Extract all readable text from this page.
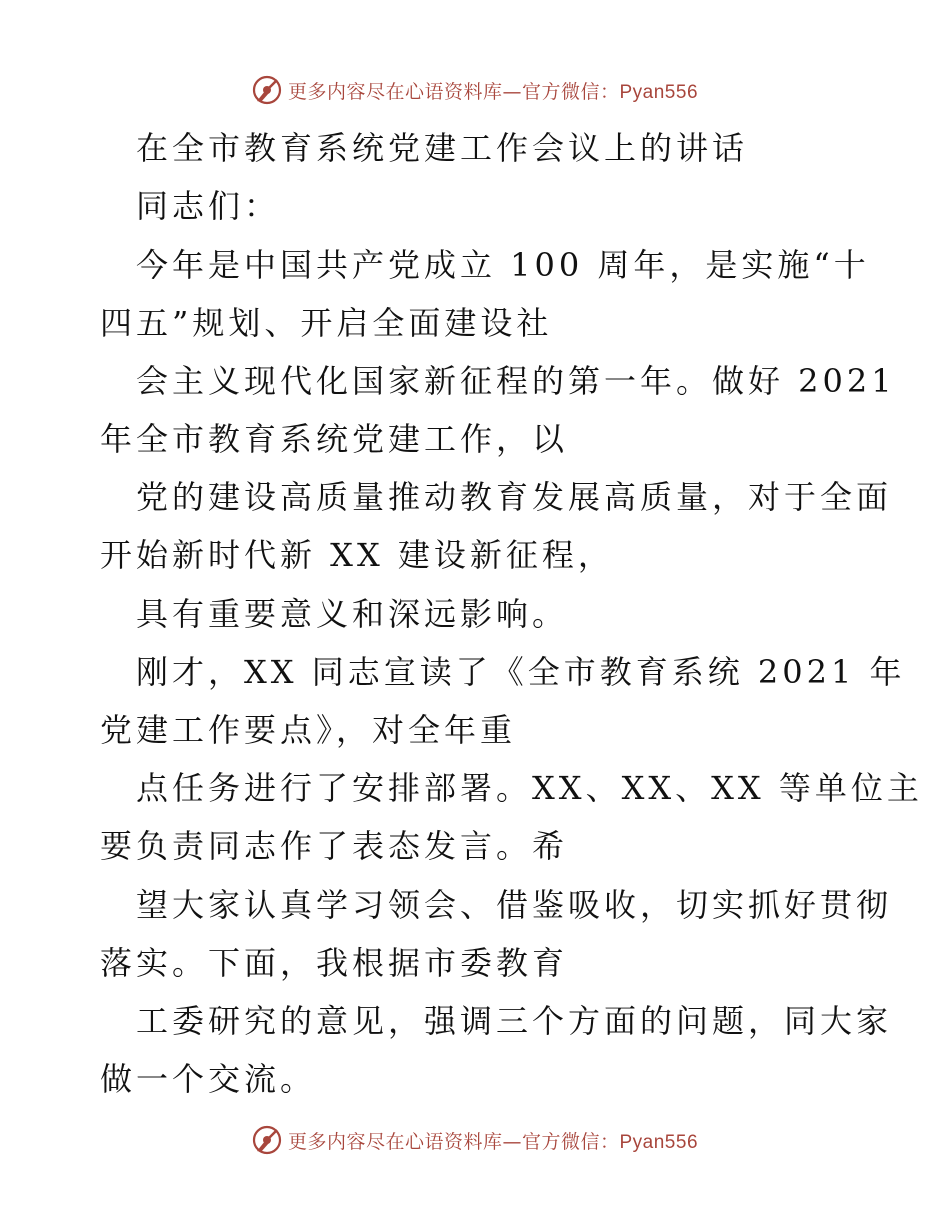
更多内容尽在心语资料库—官方微信：Pyan556
在全市教育系统党建工作会议上的讲话
同志们：
今年是中国共产党成立 100 周年，是实施“十
四五”规划、开启全面建设社
会主义现代化国家新征程的第一年。做好 2021
年全市教育系统党建工作，以
党的建设高质量推动教育发展高质量，对于全面
开始新时代新 XX 建设新征程，
具有重要意义和深远影响。
刚才，XX 同志宣读了《全市教育系统 2021 年
党建工作要点》，对全年重
点任务进行了安排部署。XX、XX、XX 等单位主
要负责同志作了表态发言。希
望大家认真学习领会、借鉴吸收，切实抓好贯彻
落实。下面，我根据市委教育
工委研究的意见，强调三个方面的问题，同大家
做一个交流。
更多内容尽在心语资料库—官方微信：Pyan556
